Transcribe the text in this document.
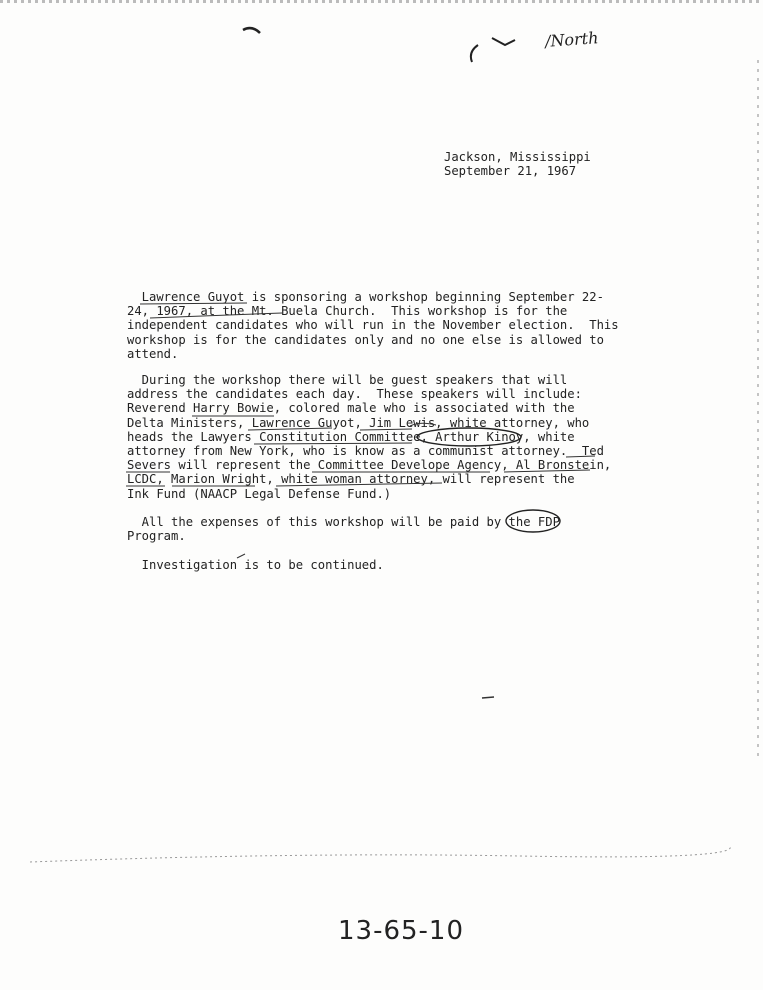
/North
Jackson, Mississippi
September 21, 1967
Lawrence Guyot is sponsoring a workshop beginning September 22-
24, 1967, at the Mt. Buela Church.  This workshop is for the
independent candidates who will run in the November election.  This
workshop is for the candidates only and no one else is allowed to
attend.
During the workshop there will be guest speakers that will
address the candidates each day.  These speakers will include:
Reverend Harry Bowie, colored male who is associated with the
Delta Ministers, Lawrence Guyot, Jim Lewis, white attorney, who
heads the Lawyers Constitution Committee, Arthur Kinoy, white
attorney from New York, who is know as a communist attorney.  Ted
Severs will represent the Committee Develope Agency, Al Bronstein,
LCDC, Marion Wright, white woman attorney, will represent the
Ink Fund (NAACP Legal Defense Fund.)
All the expenses of this workshop will be paid by the FDP
Program.
Investigation is to be continued.
13-65-10
